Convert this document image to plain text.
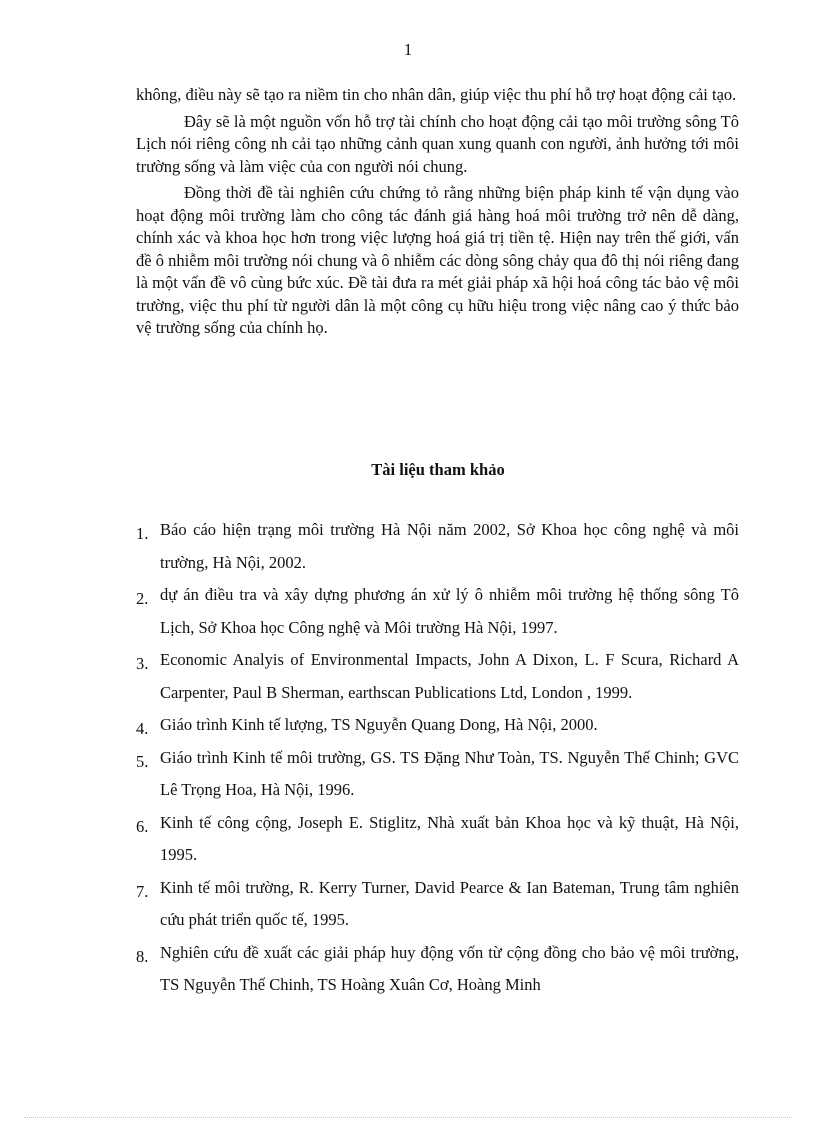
1

không, điều này sẽ tạo ra niềm tin cho nhân dân, giúp việc thu phí hỗ trợ hoạt động cải tạo.

Đây sẽ là một nguồn vốn hỗ trợ tài chính cho hoạt động cải tạo môi trường sông Tô Lịch nói riêng công nh cải tạo những cảnh quan xung quanh con người, ảnh hưởng tới môi trường sống và làm việc của con người nói chung.

Đồng thời đề tài nghiên cứu chứng tỏ rằng những biện pháp kinh tế vận dụng vào hoạt động môi trường làm cho công tác đánh giá hàng hoá môi trường trở nên dễ dàng, chính xác và khoa học hơn trong việc lượng hoá giá trị tiền tệ. Hiện nay trên thế giới, vấn đề ô nhiễm môi trường nói chung và ô nhiễm các dòng sông chảy qua đô thị nói riêng đang là một vấn đề vô cùng bức xúc. Đề tài đưa ra mét giải pháp xã hội hoá công tác bảo vệ môi trường, việc thu phí từ người dân là một công cụ hữu hiệu trong việc nâng cao ý thức bảo vệ trường sống của chính họ.

Tài liệu tham khảo
1. Báo cáo hiện trạng môi trường Hà Nội năm 2002, Sở Khoa học công nghệ và môi trường, Hà Nội, 2002.
2. dự án điều tra và xây dựng phương án xử lý ô nhiễm môi trường hệ thống sông Tô Lịch, Sở Khoa học Công nghệ và Môi trường Hà Nội, 1997.
3. Economic Analyis of Environmental Impacts, John A Dixon, L. F Scura, Richard A Carpenter, Paul B Sherman, earthscan Publications Ltd, London , 1999.
4. Giáo trình Kinh tế lượng, TS Nguyễn Quang Dong, Hà Nội, 2000.
5. Giáo trình Kinh tế môi trường, GS. TS Đặng Như Toàn, TS. Nguyễn Thế Chinh; GVC Lê Trọng Hoa, Hà Nội, 1996.
6. Kinh tế công cộng, Joseph E. Stiglitz, Nhà xuất bản Khoa học và kỹ thuật, Hà Nội, 1995.
7. Kinh tế môi trường, R. Kerry Turner, David Pearce & Ian Bateman, Trung tâm nghiên cứu phát triển quốc tế, 1995.
8. Nghiên cứu đề xuất các giải pháp huy động vốn từ cộng đồng cho bảo vệ môi trường, TS Nguyễn Thế Chinh, TS Hoàng Xuân Cơ, Hoàng Minh
